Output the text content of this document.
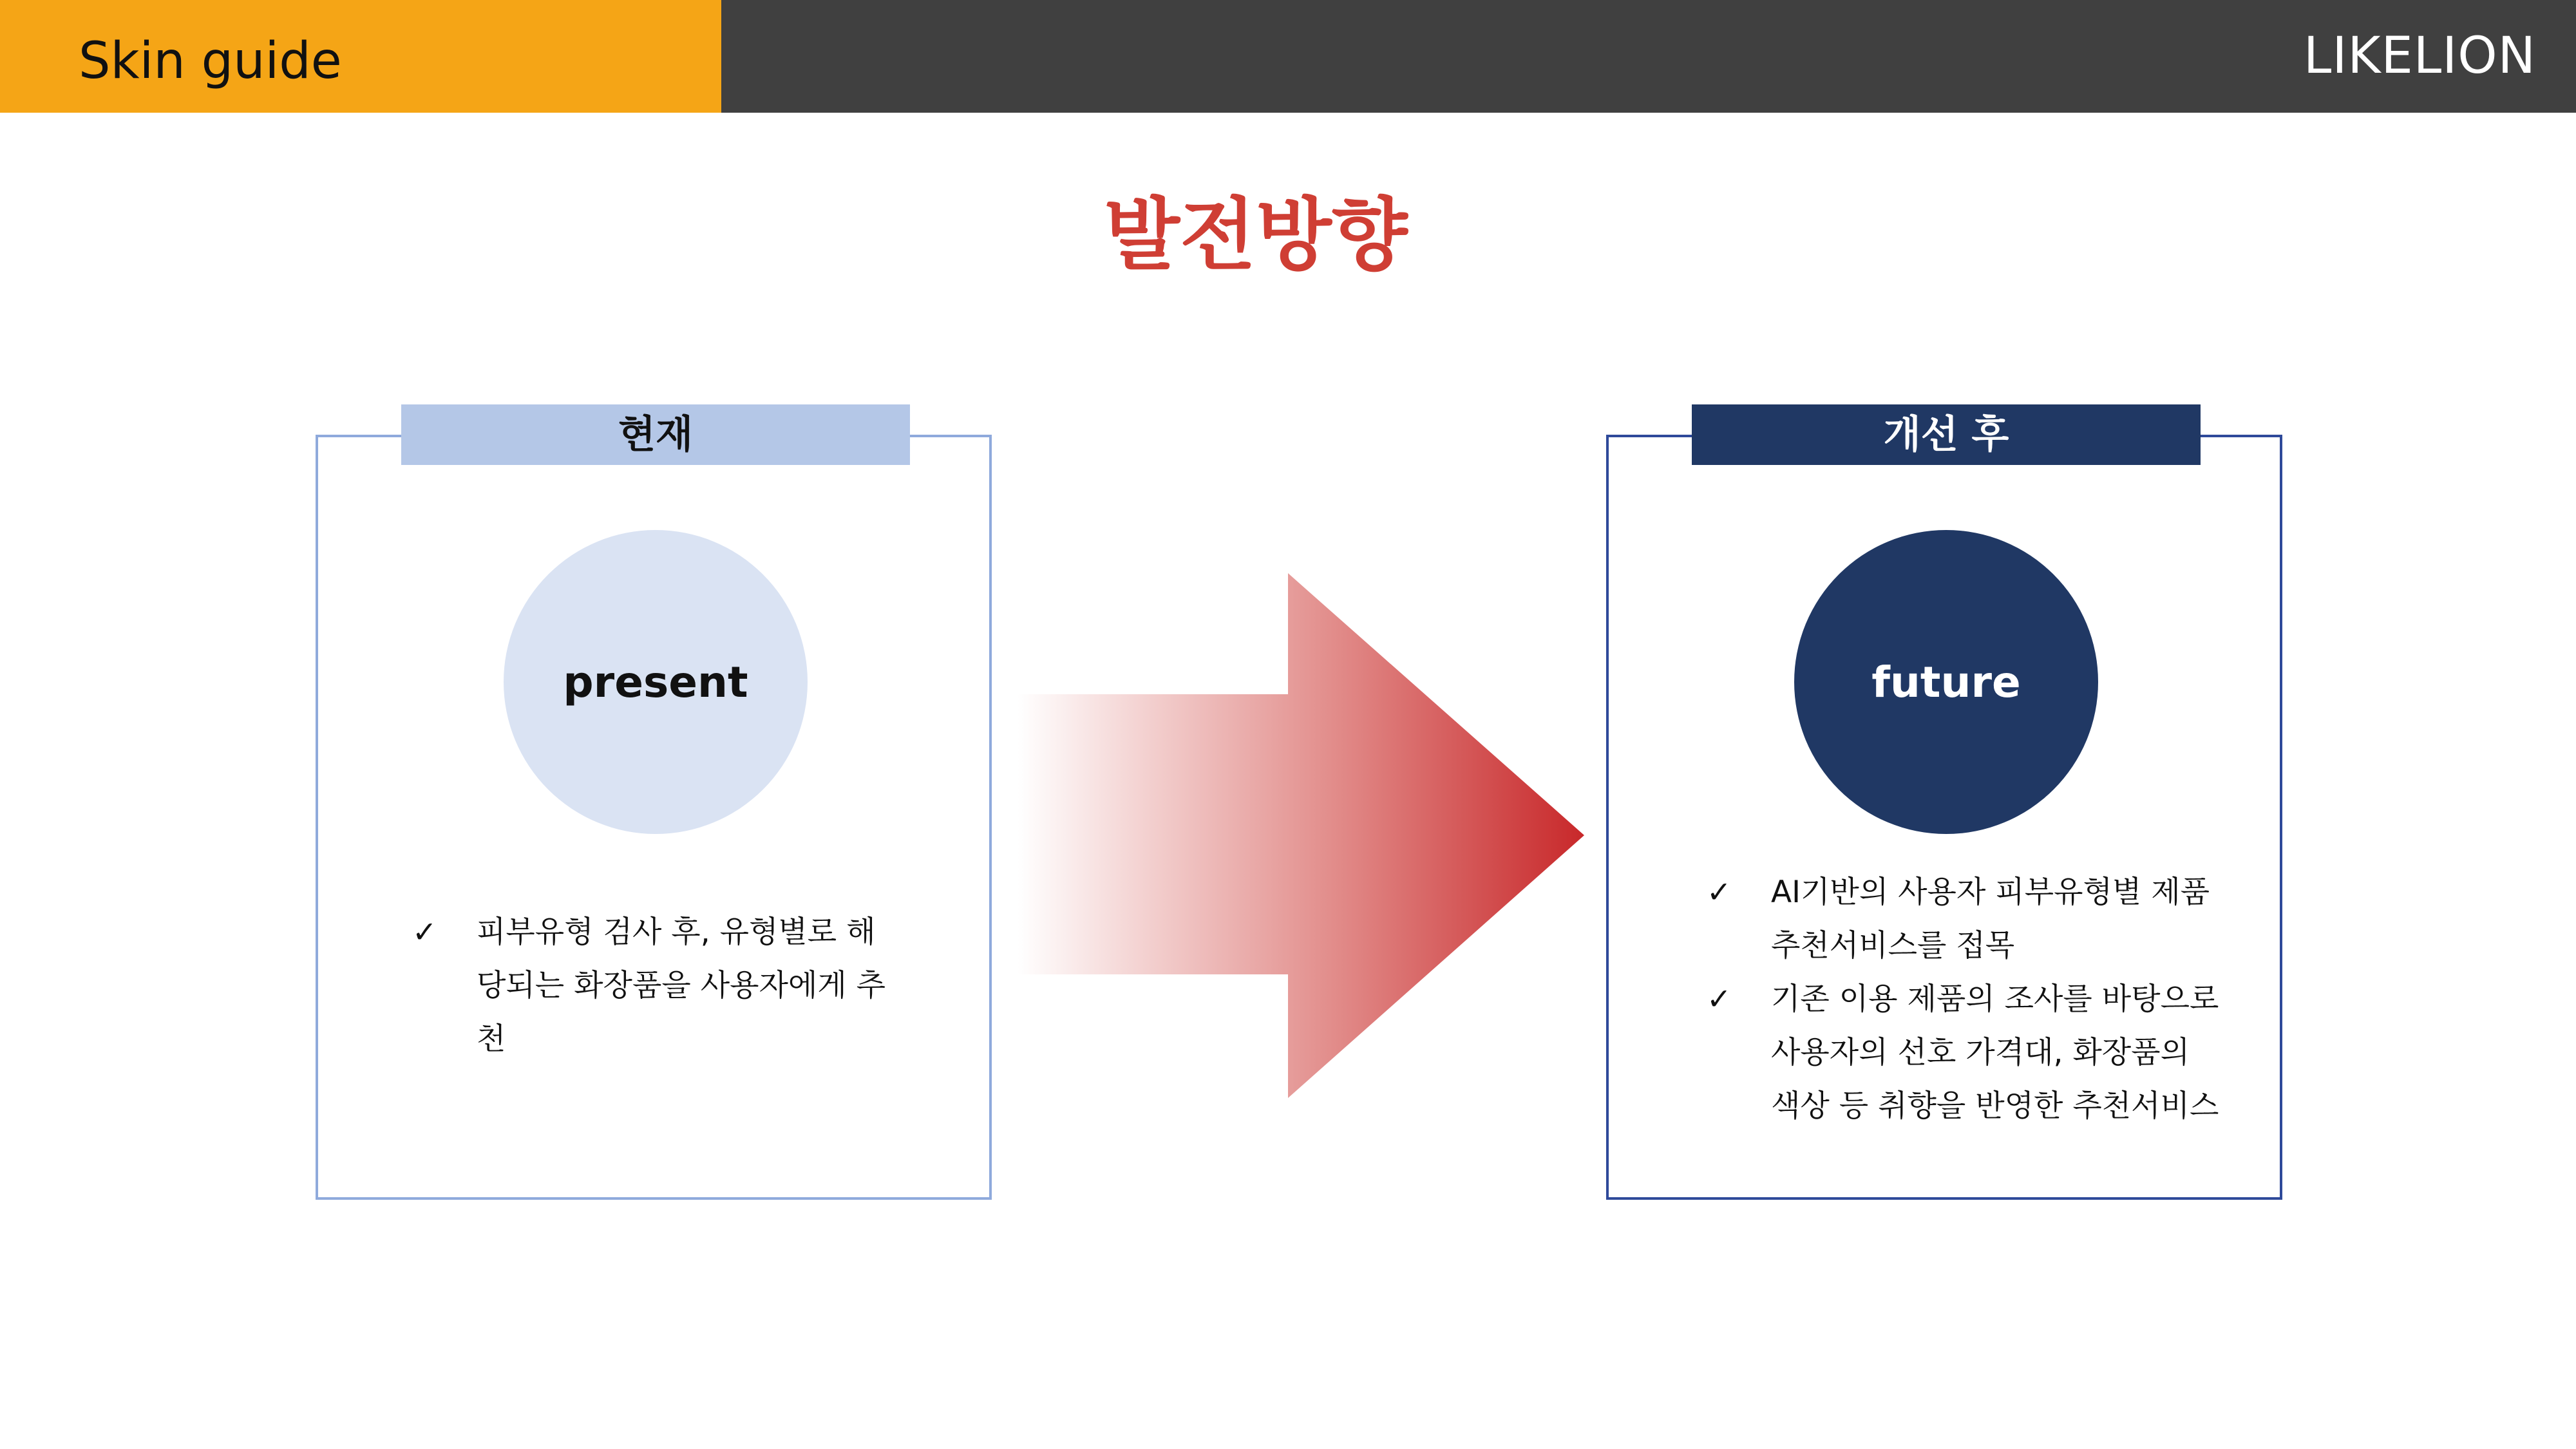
Skin guide	LIKELION
발전방향
현재
present
✓	피부유형 검사 후, 유형별로 해당되는 화장품을 사용자에게 추천
개선 후
future
✓	AI기반의 사용자 피부유형별 제품 추천서비스를 접목
✓	기존 이용 제품의 조사를 바탕으로 사용자의 선호 가격대, 화장품의 색상 등 취향을 반영한 추천서비스
